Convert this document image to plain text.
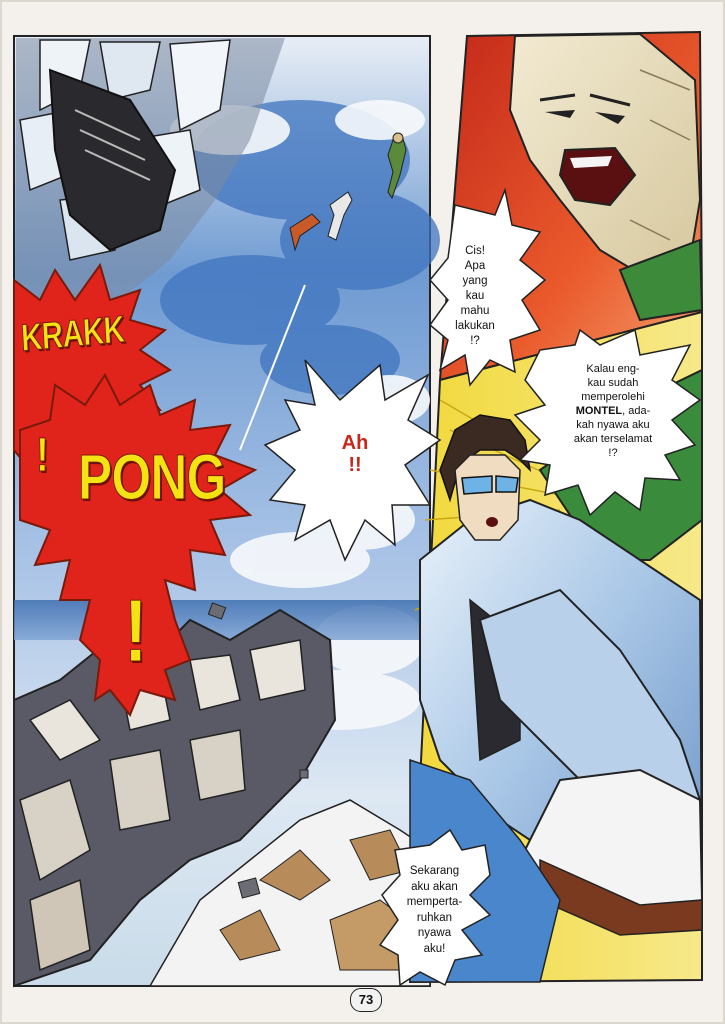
KRAKK
! PONG
!
Cis!
Apa
yang
kau
mahu
lakukan
!?
Ah
!!
Kalau eng-
kau sudah
memperolehi
MONTEL, ada-
kah nyawa aku
akan terselamat
!?
Sekarang
aku akan
memperta-
ruhkan
nyawa
aku!
73
